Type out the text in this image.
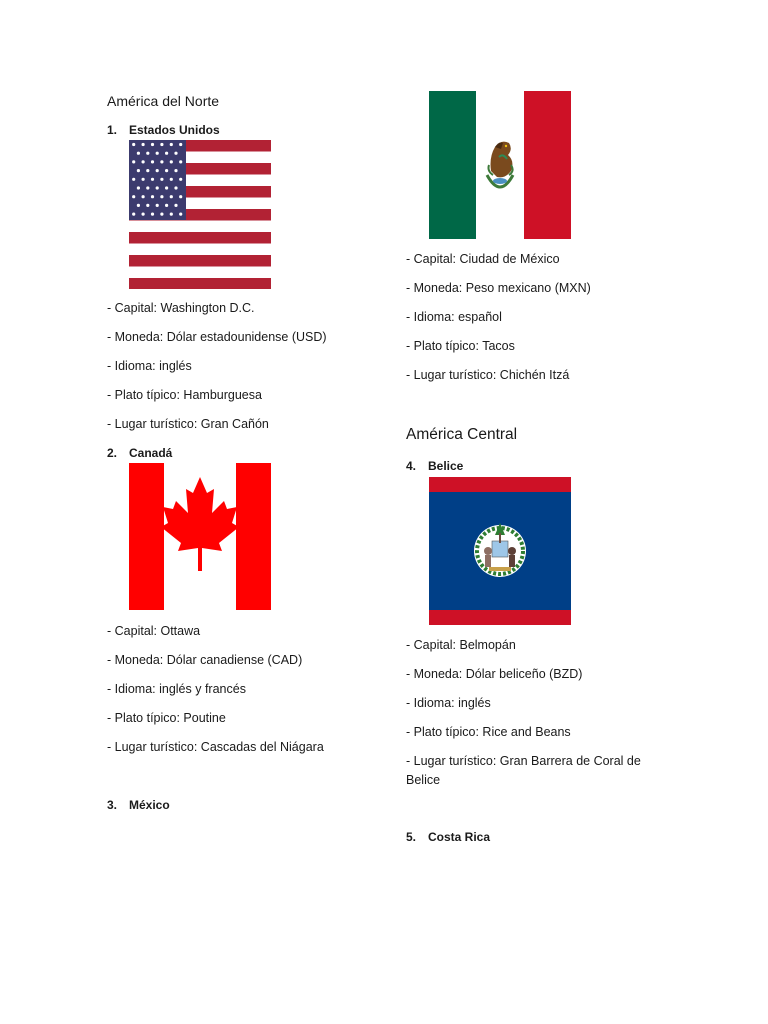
América del Norte
1. Estados Unidos
- Capital: Washington D.C.
- Moneda: Dólar estadounidense (USD)
- Idioma: inglés
- Plato típico: Hamburguesa
- Lugar turístico: Gran Cañón
2. Canadá
- Capital: Ottawa
- Moneda: Dólar canadiense (CAD)
- Idioma: inglés y francés
- Plato típico: Poutine
- Lugar turístico: Cascadas del Niágara
3. México
- Capital: Ciudad de México
- Moneda: Peso mexicano (MXN)
- Idioma: español
- Plato típico: Tacos
- Lugar turístico: Chichén Itzá
América Central
4. Belice
- Capital: Belmopán
- Moneda: Dólar beliceño (BZD)
- Idioma: inglés
- Plato típico: Rice and Beans
- Lugar turístico: Gran Barrera de Coral de Belice
5. Costa Rica
